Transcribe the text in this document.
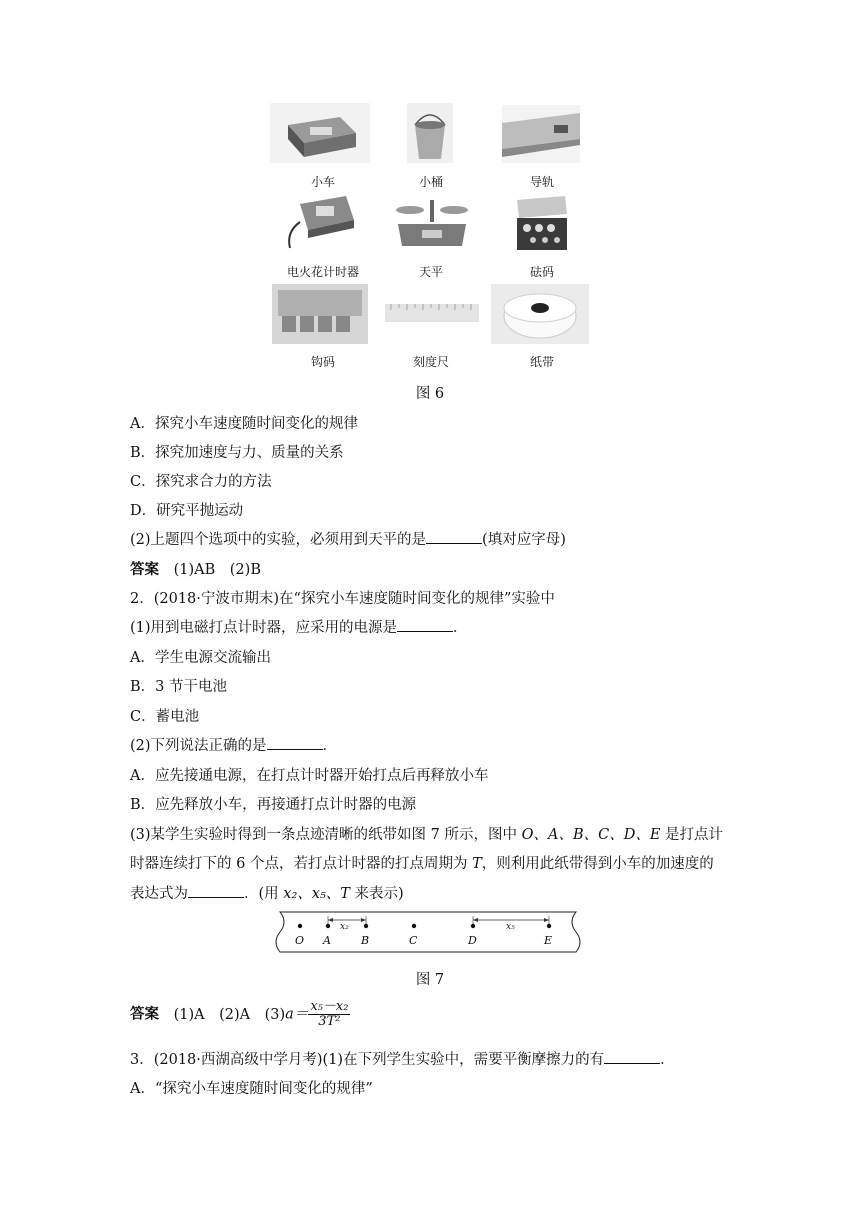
小车	小桶	导轨
电火花计时器	天平	砝码
钩码	刻度尺	纸带
图 6
A．探究小车速度随时间变化的规律
B．探究加速度与力、质量的关系
C．探究求合力的方法
D．研究平抛运动
(2)上题四个选项中的实验，必须用到天平的是	(填对应字母)
答案 (1)AB　(2)B
2．(2018·宁波市期末)在“探究小车速度随时间变化的规律”实验中
(1)用到电磁打点计时器，应采用的电源是	．
A．学生电源交流输出
B．3 节干电池
C．蓄电池
(2)下列说法正确的是	．
A．应先接通电源，在打点计时器开始打点后再释放小车
B．应先释放小车，再接通打点计时器的电源
(3)某学生实验时得到一条点迹清晰的纸带如图 7 所示，图中 O、A、B、C、D、E 是打点计
时器连续打下的 6 个点，若打点计时器的打点周期为 T，则利用此纸带得到小车的加速度的
表达式为	．(用 x₂、x₅、T 来表示)
x₂	x₅
O A	B	C	D	E
图 7
答案 (1)A　(2)A　$(3)a= \frac{\text{x₅－x₂}}{\text{3T²}}$
3．(2018·西湖高级中学月考)(1)在下列学生实验中，需要平衡摩擦力的有	．
A．“探究小车速度随时间变化的规律”
